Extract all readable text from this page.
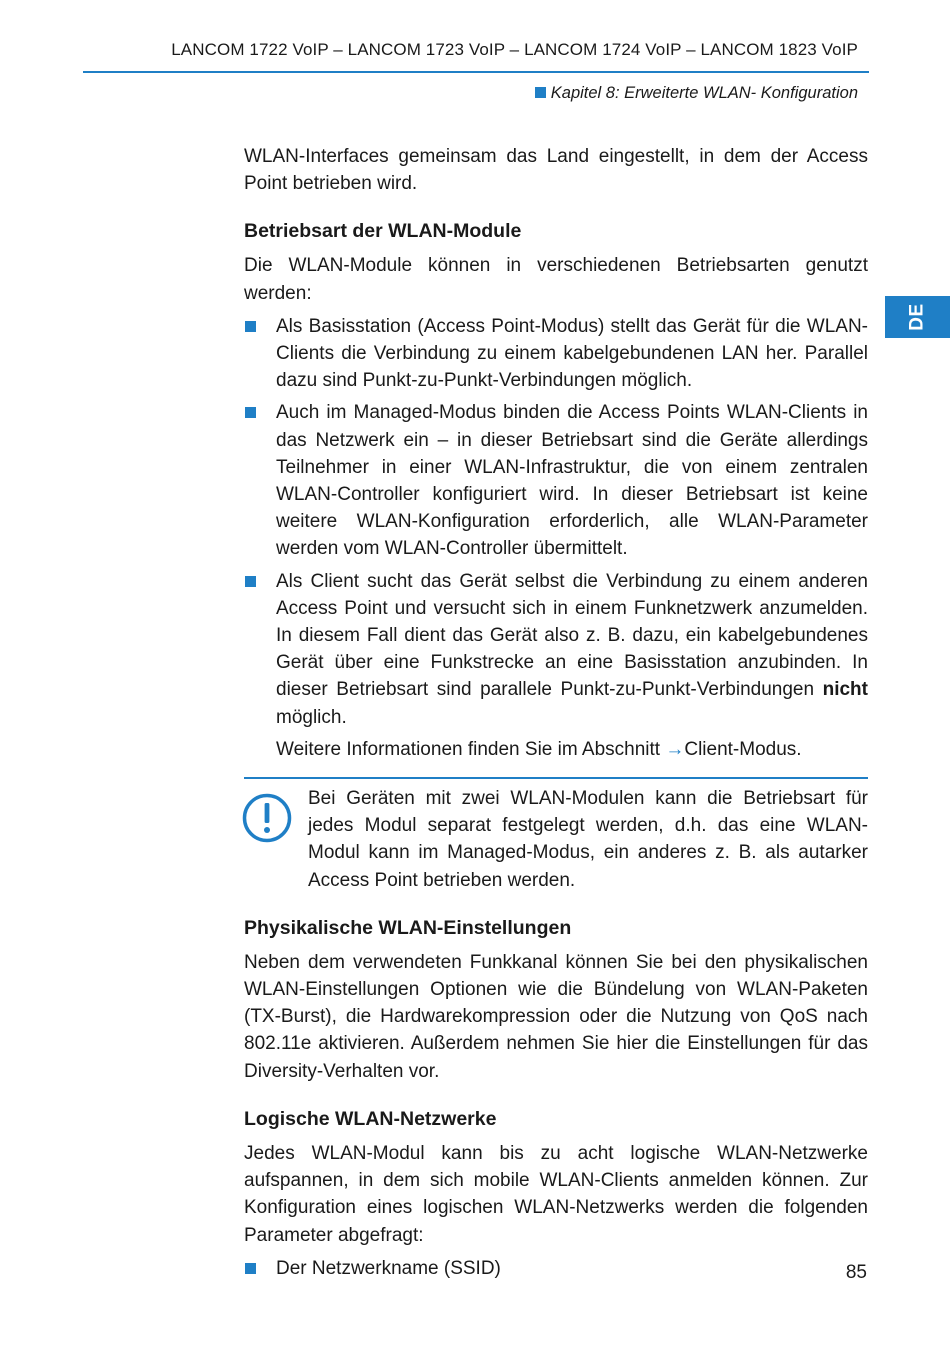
LANCOM 1722 VoIP – LANCOM 1723 VoIP – LANCOM 1724 VoIP – LANCOM 1823 VoIP
Kapitel 8: Erweiterte WLAN- Konfiguration
DE

WLAN-Interfaces gemeinsam das Land eingestellt, in dem der Access Point betrieben wird.

Betriebsart der WLAN-Module

Die WLAN-Module können in verschiedenen Betriebsarten genutzt werden:

Als Basisstation (Access Point-Modus) stellt das Gerät für die WLAN-Clients die Verbindung zu einem kabelgebundenen LAN her. Parallel dazu sind Punkt-zu-Punkt-Verbindungen möglich.
Auch im Managed-Modus binden die Access Points WLAN-Clients in das Netzwerk ein – in dieser Betriebsart sind die Geräte allerdings Teilnehmer in einer WLAN-Infrastruktur, die von einem zentralen WLAN-Controller konfiguriert wird. In dieser Betriebsart ist keine weitere WLAN-Konfiguration erforderlich, alle WLAN-Parameter werden vom WLAN-Controller übermittelt.
Als Client sucht das Gerät selbst die Verbindung zu einem anderen Access Point und versucht sich in einem Funknetzwerk anzumelden. In diesem Fall dient das Gerät also z. B. dazu, ein kabelgebundenes Gerät über eine Funkstrecke an eine Basisstation anzubinden. In dieser Betriebsart sind parallele Punkt-zu-Punkt-Verbindungen nicht möglich.

Weitere Informationen finden Sie im Abschnitt →Client-Modus.

Bei Geräten mit zwei WLAN-Modulen kann die Betriebsart für jedes Modul separat festgelegt werden, d.h. das eine WLAN-Modul kann im Managed-Modus, ein anderes z. B. als autarker Access Point betrieben werden.

Physikalische WLAN-Einstellungen

Neben dem verwendeten Funkkanal können Sie bei den physikalischen WLAN-Einstellungen Optionen wie die Bündelung von WLAN-Paketen (TX-Burst), die Hardwarekompression oder die Nutzung von QoS nach 802.11e aktivieren. Außerdem nehmen Sie hier die Einstellungen für das Diversity-Verhalten vor.

Logische WLAN-Netzwerke

Jedes WLAN-Modul kann bis zu acht logische WLAN-Netzwerke aufspannen, in dem sich mobile WLAN-Clients anmelden können. Zur Konfiguration eines logischen WLAN-Netzwerks werden die folgenden Parameter abgefragt:

Der Netzwerkname (SSID)	85
